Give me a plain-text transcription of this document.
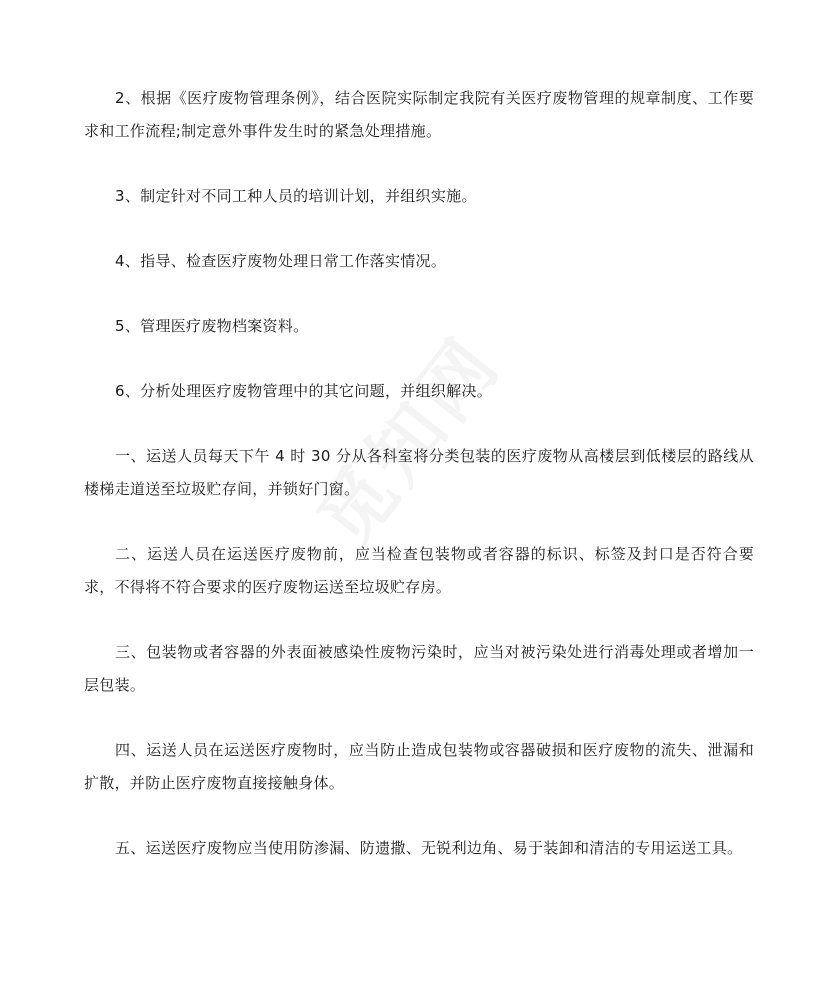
2、根据《医疗废物管理条例》，结合医院实际制定我院有关医疗废物管理的规章制度、工作要求和工作流程;制定意外事件发生时的紧急处理措施。

3、制定针对不同工种人员的培训计划，并组织实施。

4、指导、检查医疗废物处理日常工作落实情况。

5、管理医疗废物档案资料。

6、分析处理医疗废物管理中的其它问题，并组织解决。

一、运送人员每天下午 4 时 30 分从各科室将分类包装的医疗废物从高楼层到低楼层的路线从楼梯走道送至垃圾贮存间，并锁好门窗。

二、运送人员在运送医疗废物前，应当检查包装物或者容器的标识、标签及封口是否符合要求，不得将不符合要求的医疗废物运送至垃圾贮存房。

三、包装物或者容器的外表面被感染性废物污染时，应当对被污染处进行消毒处理或者增加一层包装。

四、运送人员在运送医疗废物时，应当防止造成包装物或容器破损和医疗废物的流失、泄漏和扩散，并防止医疗废物直接接触身体。

五、运送医疗废物应当使用防渗漏、防遗撒、无锐利边角、易于装卸和清洁的专用运送工具。
